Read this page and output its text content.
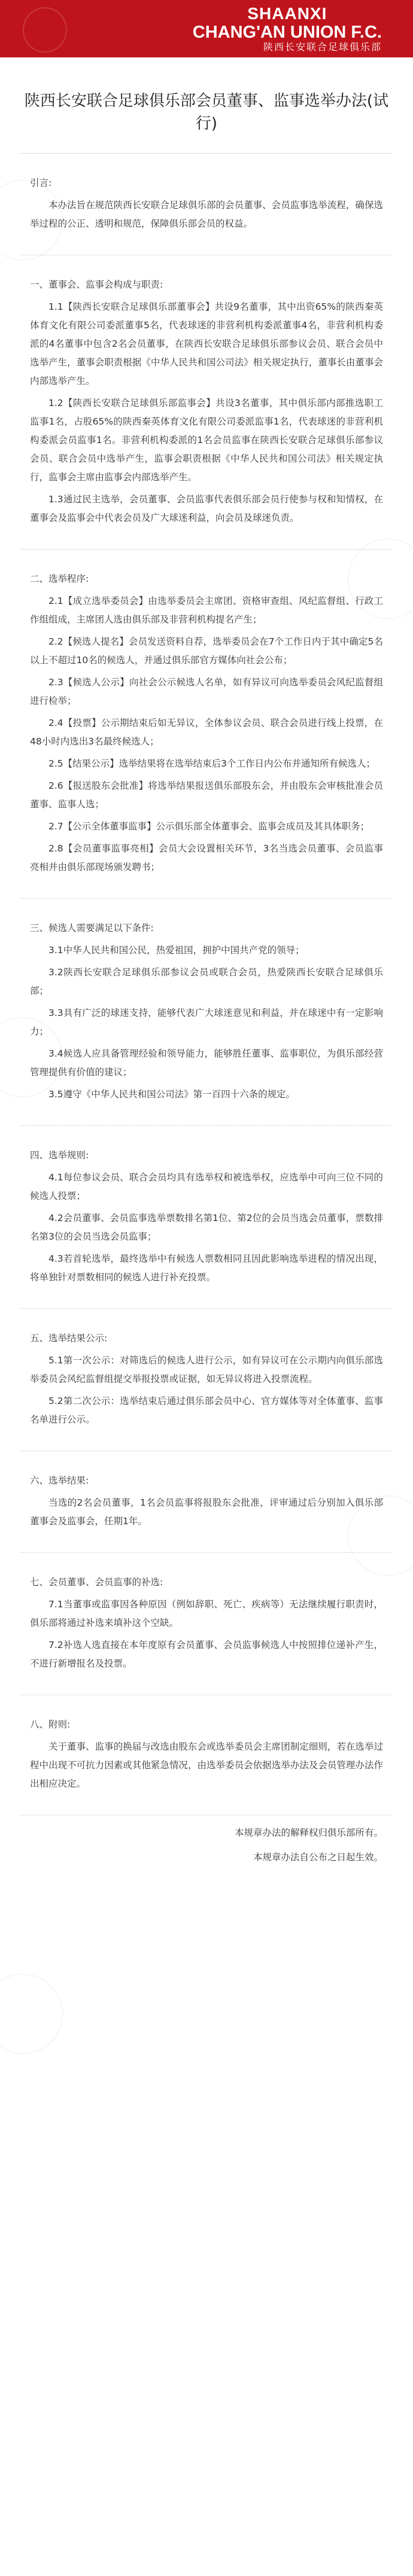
SHAANXI
CHANG'AN UNION F.C.
陕西长安联合足球俱乐部
陕西长安联合足球俱乐部会员董事、监事选举办法(试行)
引言:

本办法旨在规范陕西长安联合足球俱乐部的会员董事、会员监事选举流程，确保选举过程的公正、透明和规范，保障俱乐部会员的权益。

一、董事会、监事会构成与职责:

1.1【陕西长安联合足球俱乐部董事会】共设9名董事，其中出资65%的陕西秦英体育文化有限公司委派董事5名，代表球迷的非营利机构委派董事4名，非营利机构委派的4名董事中包含2名会员董事，在陕西长安联合足球俱乐部参议会员、联合会员中选举产生，董事会职责根据《中华人民共和国公司法》相关规定执行，董事长由董事会内部选举产生。

1.2【陕西长安联合足球俱乐部监事会】共设3名董事，其中俱乐部内部推选职工监事1名，占股65%的陕西秦英体育文化有限公司委派监事1名，代表球迷的非营利机构委派会员监事1名。非营利机构委派的1名会员监事在陕西长安联合足球俱乐部参议会员、联合会员中选举产生，监事会职责根据《中华人民共和国公司法》相关规定执行，监事会主席由监事会内部选举产生。

1.3通过民主选举，会员董事、会员监事代表俱乐部会员行使参与权和知情权，在董事会及监事会中代表会员及广大球迷利益，向会员及球迷负责。

二、选举程序:

2.1【成立选举委员会】由选举委员会主席团、资格审查组、风纪监督组、行政工作组组成，主席团人选由俱乐部及非营利机构提名产生；

2.2【候选人提名】会员发送资料自荐，选举委员会在7个工作日内于其中确定5名以上不超过10名的候选人，并通过俱乐部官方媒体向社会公布；

2.3【候选人公示】向社会公示候选人名单，如有异议可向选举委员会风纪监督组进行检举；

2.4【投票】公示期结束后如无异议，全体参议会员、联合会员进行线上投票，在48小时内选出3名最终候选人；

2.5【结果公示】选举结果将在选举结束后3个工作日内公布并通知所有候选人；

2.6【报送股东会批准】将选举结果报送俱乐部股东会，并由股东会审核批准会员董事、监事人选；

2.7【公示全体董事监事】公示俱乐部全体董事会、监事会成员及其具体职务；

2.8【会员董事监事亮相】会员大会设置相关环节，3名当选会员董事、会员监事亮相并由俱乐部现场颁发聘书；

三、候选人需要满足以下条件:

3.1中华人民共和国公民，热爱祖国，拥护中国共产党的领导；

3.2陕西长安联合足球俱乐部参议会员或联合会员，热爱陕西长安联合足球俱乐部；

3.3具有广泛的球迷支持，能够代表广大球迷意见和利益，并在球迷中有一定影响力；

3.4候选人应具备管理经验和领导能力，能够胜任董事、监事职位，为俱乐部经营管理提供有价值的建议；

3.5遵守《中华人民共和国公司法》第一百四十六条的规定。

四、选举规则:

4.1每位参议会员、联合会员均具有选举权和被选举权，应选举中可向三位不同的候选人投票；

4.2会员董事、会员监事选举票数排名第1位、第2位的会员当选会员董事，票数排名第3位的会员当选会员监事；

4.3若首轮选举，最终选举中有候选人票数相同且因此影响选举进程的情况出现，将单独针对票数相同的候选人进行补充投票。

五、选举结果公示:

5.1第一次公示：对筛选后的候选人进行公示，如有异议可在公示期内向俱乐部选举委员会风纪监督组提交举报投票或证据，如无异议将进入投票流程。

5.2第二次公示：选举结束后通过俱乐部会员中心、官方媒体等对全体董事、监事名单进行公示。

六、选举结果:

当选的2名会员董事，1名会员监事将报股东会批准，评审通过后分别加入俱乐部董事会及监事会，任期1年。

七、会员董事、会员监事的补选:

7.1当董事或监事因各种原因（例如辞职、死亡、疾病等）无法继续履行职责时，俱乐部将通过补选来填补这个空缺。

7.2补选人选直接在本年度原有会员董事、会员监事候选人中按照排位递补产生，不进行新增报名及投票。

八、附则:

关于董事、监事的换届与改选由股东会或选举委员会主席团制定细则，若在选举过程中出现不可抗力因素或其他紧急情况，由选举委员会依据选举办法及会员管理办法作出相应决定。

本规章办法的解释权归俱乐部所有。
本规章办法自公布之日起生效。
